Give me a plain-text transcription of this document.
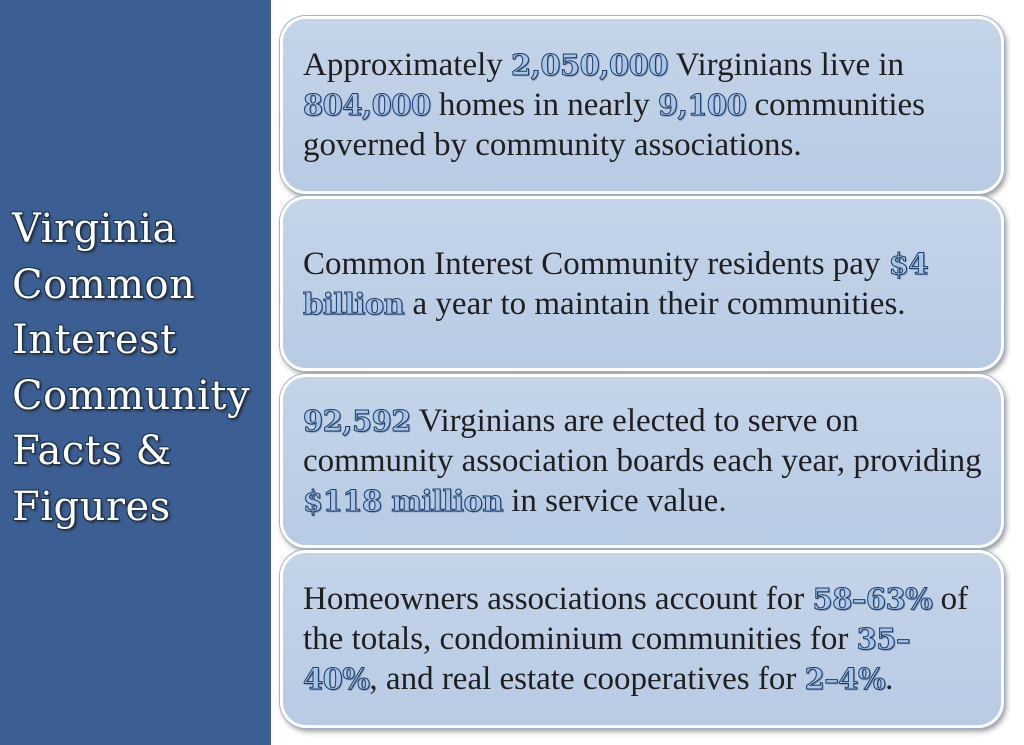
Virginia
Common
Interest
Community
Facts &
Figures

Approximately 2,050,000 Virginians live in 804,000 homes in nearly 9,100 communities governed by community associations.

Common Interest Community residents pay $4 billion a year to maintain their communities.

92,592 Virginians are elected to serve on community association boards each year, providing $118 million in service value.

Homeowners associations account for 58–63% of the totals, condominium communities for 35–40%, and real estate cooperatives for 2–4%.
